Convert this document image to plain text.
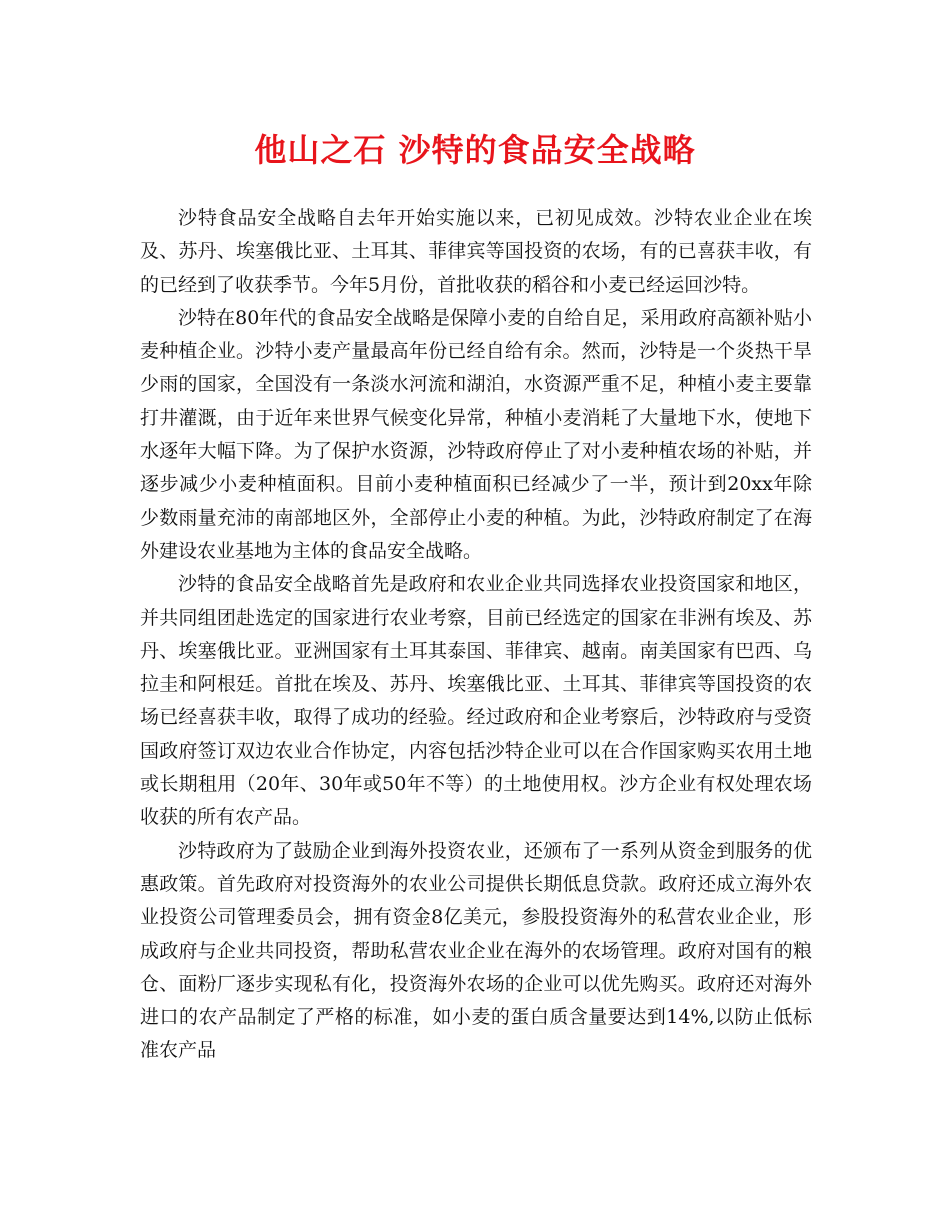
他山之石 沙特的食品安全战略

沙特食品安全战略自去年开始实施以来，已初见成效。沙特农业企业在埃及、苏丹、埃塞俄比亚、土耳其、菲律宾等国投资的农场，有的已喜获丰收，有的已经到了收获季节。今年5月份，首批收获的稻谷和小麦已经运回沙特。

沙特在80年代的食品安全战略是保障小麦的自给自足，采用政府高额补贴小麦种植企业。沙特小麦产量最高年份已经自给有余。然而，沙特是一个炎热干旱少雨的国家，全国没有一条淡水河流和湖泊，水资源严重不足，种植小麦主要靠打井灌溉，由于近年来世界气候变化异常，种植小麦消耗了大量地下水，使地下水逐年大幅下降。为了保护水资源，沙特政府停止了对小麦种植农场的补贴，并逐步减少小麦种植面积。目前小麦种植面积已经减少了一半，预计到20xx年除少数雨量充沛的南部地区外，全部停止小麦的种植。为此，沙特政府制定了在海外建设农业基地为主体的食品安全战略。

沙特的食品安全战略首先是政府和农业企业共同选择农业投资国家和地区，并共同组团赴选定的国家进行农业考察，目前已经选定的国家在非洲有埃及、苏丹、埃塞俄比亚。亚洲国家有土耳其泰国、菲律宾、越南。南美国家有巴西、乌拉圭和阿根廷。首批在埃及、苏丹、埃塞俄比亚、土耳其、菲律宾等国投资的农场已经喜获丰收，取得了成功的经验。经过政府和企业考察后，沙特政府与受资国政府签订双边农业合作协定，内容包括沙特企业可以在合作国家购买农用土地或长期租用（20年、30年或50年不等）的土地使用权。沙方企业有权处理农场收获的所有农产品。

沙特政府为了鼓励企业到海外投资农业，还颁布了一系列从资金到服务的优惠政策。首先政府对投资海外的农业公司提供长期低息贷款。政府还成立海外农业投资公司管理委员会，拥有资金8亿美元，参股投资海外的私营农业企业，形成政府与企业共同投资，帮助私营农业企业在海外的农场管理。政府对国有的粮仓、面粉厂逐步实现私有化，投资海外农场的企业可以优先购买。政府还对海外进口的农产品制定了严格的标准，如小麦的蛋白质含量要达到14%,以防止低标准农产品
